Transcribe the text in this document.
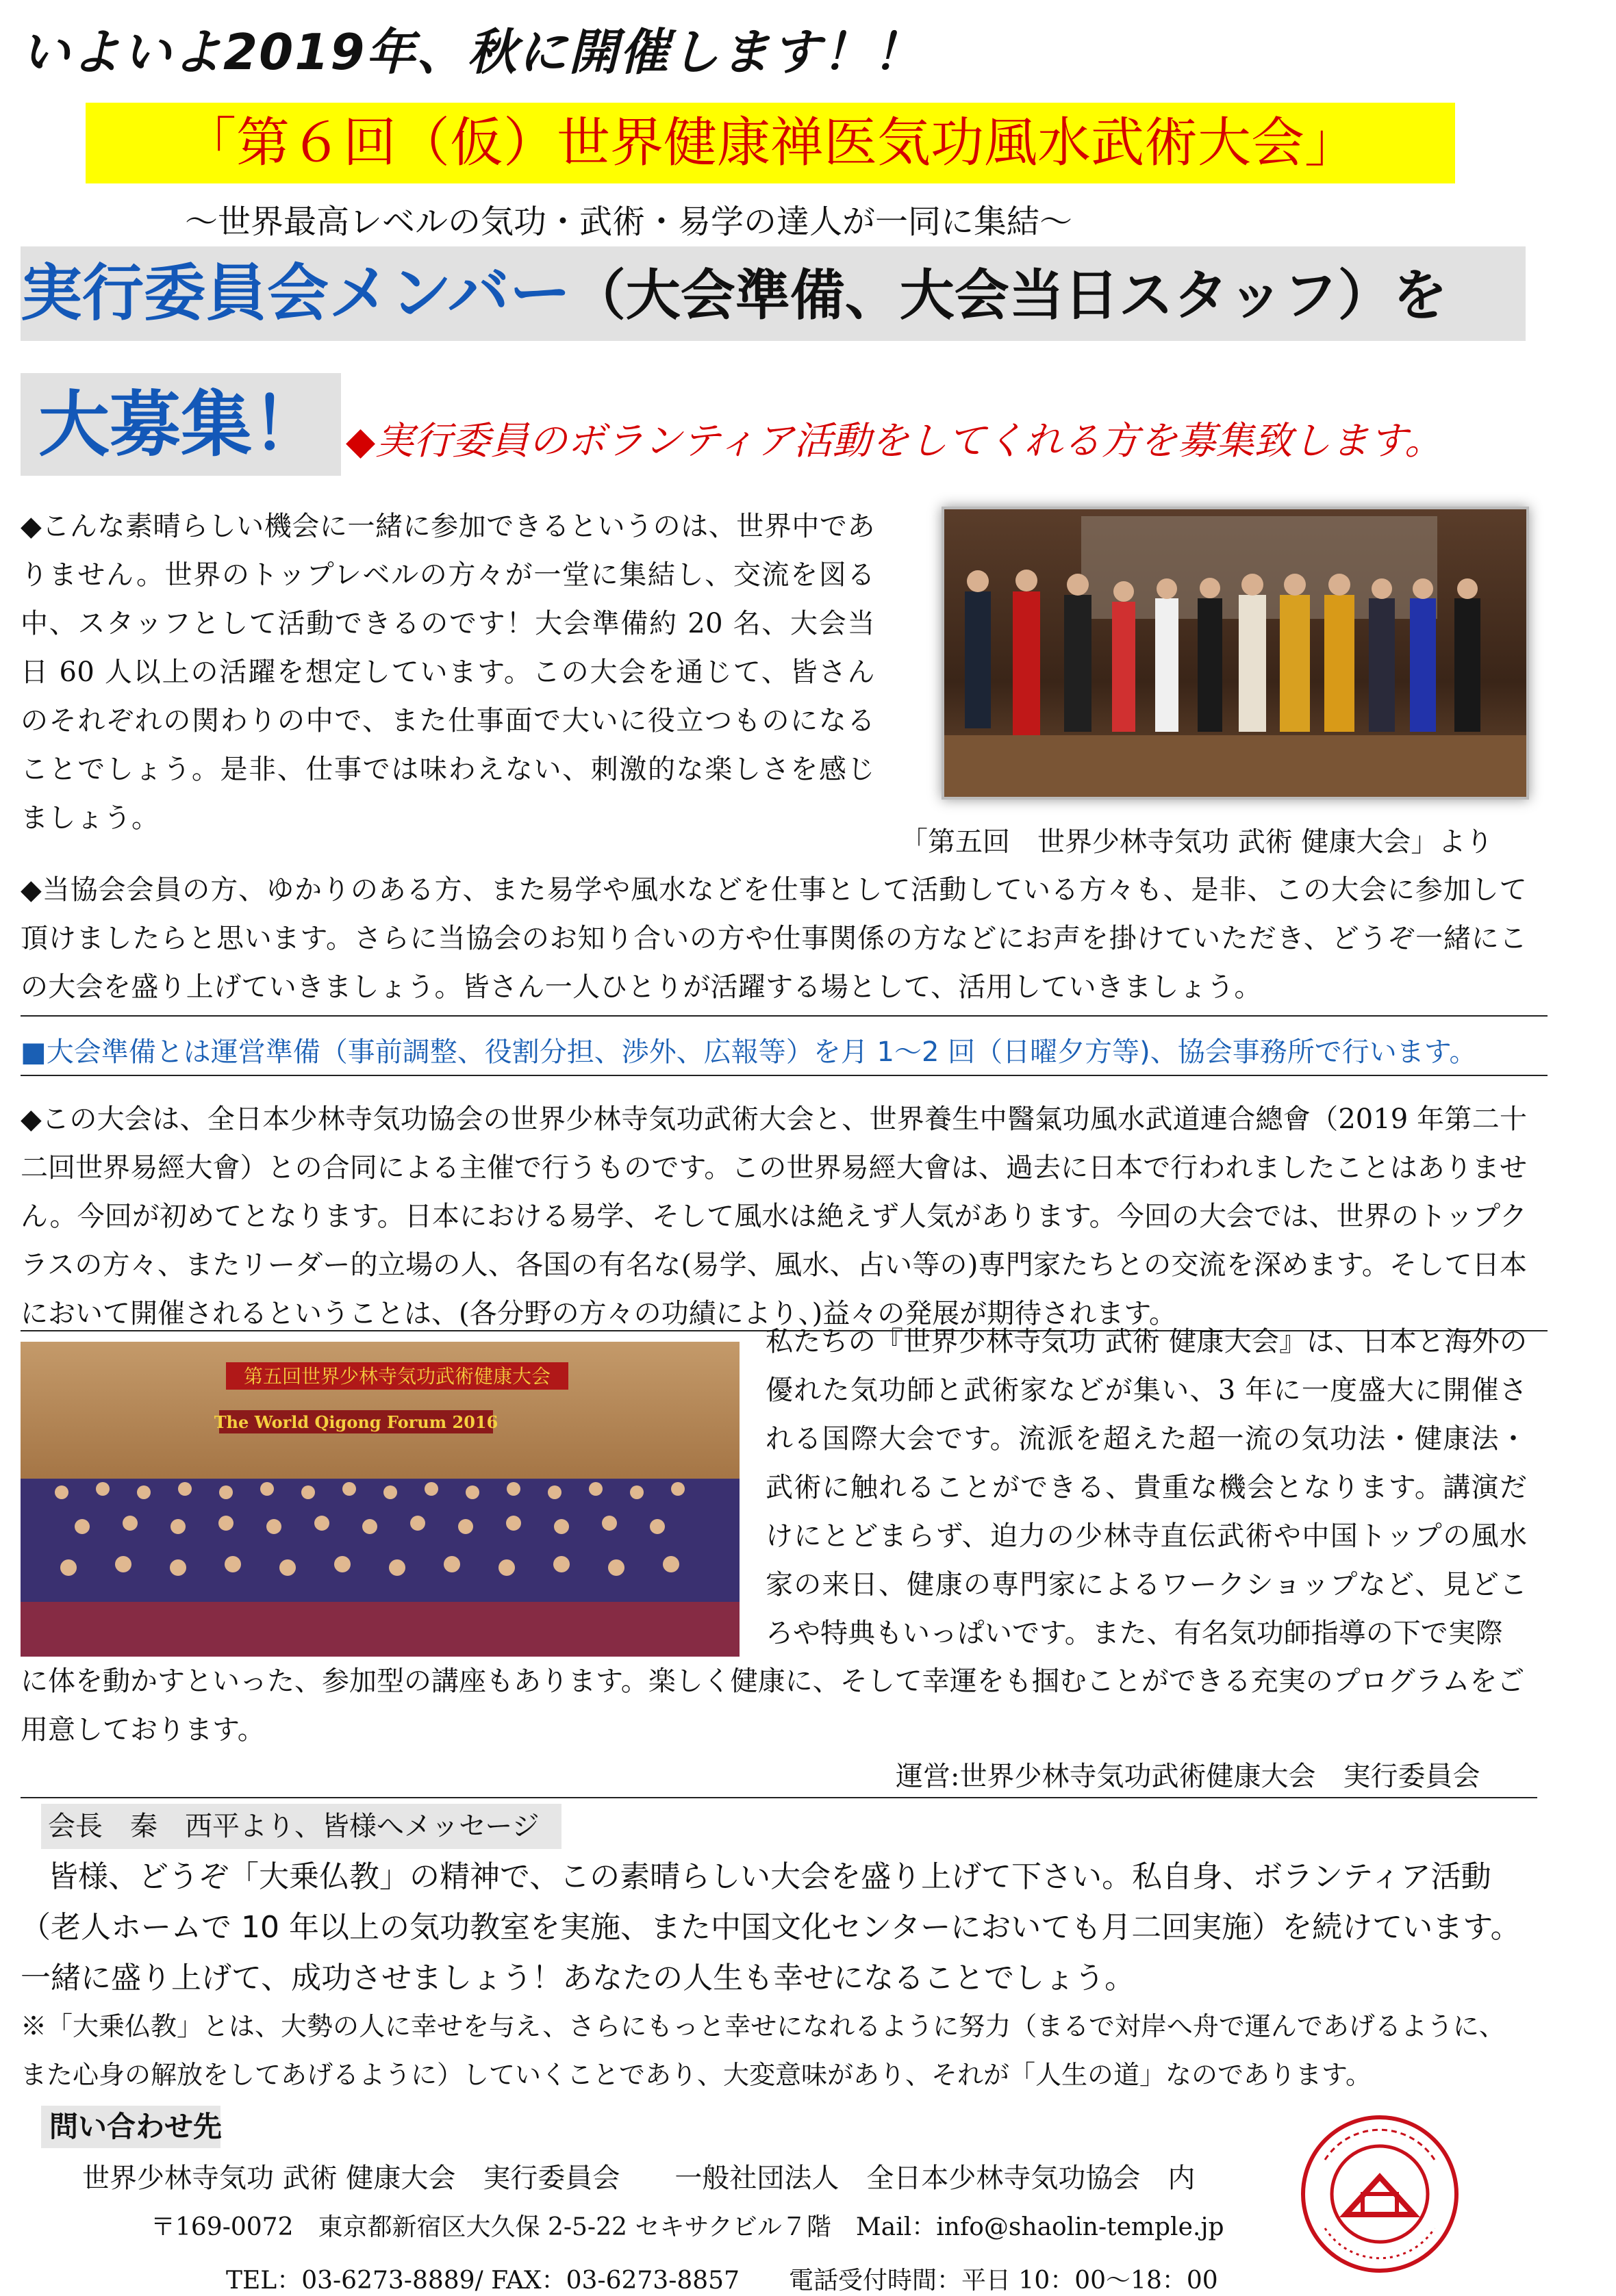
いよいよ2019年、秋に開催します！！
「第６回（仮）世界健康禅医気功風水武術大会」
～世界最高レベルの気功・武術・易学の達人が一同に集結～
実行委員会メンバー（大会準備、大会当日スタッフ）を
大募集！ ◆実行委員のボランティア活動をしてくれる方を募集致します。
◆こんな素晴らしい機会に一緒に参加できるというのは、世界中でありません。世界のトップレベルの方々が一堂に集結し、交流を図る中、スタッフとして活動できるのです！大会準備約 20 名、大会当日 60 人以上の活躍を想定しています。この大会を通じて、皆さんのそれぞれの関わりの中で、また仕事面で大いに役立つものになることでしょう。是非、仕事では味わえない、刺激的な楽しさを感じましょう。
「第五回　世界少林寺気功 武術 健康大会」より
◆当協会会員の方、ゆかりのある方、また易学や風水などを仕事として活動している方々も、是非、この大会に参加して頂けましたらと思います。さらに当協会のお知り合いの方や仕事関係の方などにお声を掛けていただき、どうぞ一緒にこの大会を盛り上げていきましょう。皆さん一人ひとりが活躍する場として、活用していきましょう。
■大会準備とは運営準備（事前調整、役割分担、渉外、広報等）を月 1～2 回（日曜夕方等)、協会事務所で行います。
◆この大会は、全日本少林寺気功協会の世界少林寺気功武術大会と、世界養生中醫氣功風水武道連合總會（2019 年第二十二回世界易經大會）との合同による主催で行うものです。この世界易經大會は、過去に日本で行われましたことはありません。今回が初めてとなります。日本における易学、そして風水は絶えず人気があります。今回の大会では、世界のトップクラスの方々、またリーダー的立場の人、各国の有名な(易学、風水、占い等の)専門家たちとの交流を深めます。そして日本において開催されるということは、(各分野の方々の功績により、)益々の発展が期待されます。
第五回世界少林寺気功武術健康大会
The World Qigong Forum 2016
私たちの『世界少林寺気功 武術 健康大会』は、日本と海外の優れた気功師と武術家などが集い、3 年に一度盛大に開催される国際大会です。流派を超えた超一流の気功法・健康法・武術に触れることができる、貴重な機会となります。講演だけにとどまらず、迫力の少林寺直伝武術や中国トップの風水家の来日、健康の専門家によるワークショップなど、見どころや特典もいっぱいです。また、有名気功師指導の下で実際
に体を動かすといった、参加型の講座もあります。楽しく健康に、そして幸運をも掴むことができる充実のプログラムをご用意しております。
運営:世界少林寺気功武術健康大会　実行委員会
会長　秦　西平より、皆様へメッセージ
皆様、どうぞ「大乗仏教」の精神で、この素晴らしい大会を盛り上げて下さい。私自身、ボランティア活動（老人ホームで 10 年以上の気功教室を実施、また中国文化センターにおいても月二回実施）を続けています。
一緒に盛り上げて、成功させましょう！あなたの人生も幸せになることでしょう。
※「大乗仏教」とは、大勢の人に幸せを与え、さらにもっと幸せになれるように努力（まるで対岸へ舟で運んであげるように、また心身の解放をしてあげるように）していくことであり、大変意味があり、それが「人生の道」なのであります。
問い合わせ先
世界少林寺気功 武術 健康大会　実行委員会　　一般社団法人　全日本少林寺気功協会　内
〒169-0072　東京都新宿区大久保 2-5-22 セキサクビル７階　Mail：info@shaolin-temple.jp
TEL：03-6273-8889/ FAX：03-6273-8857　　電話受付時間：平日 10：00～18：00
